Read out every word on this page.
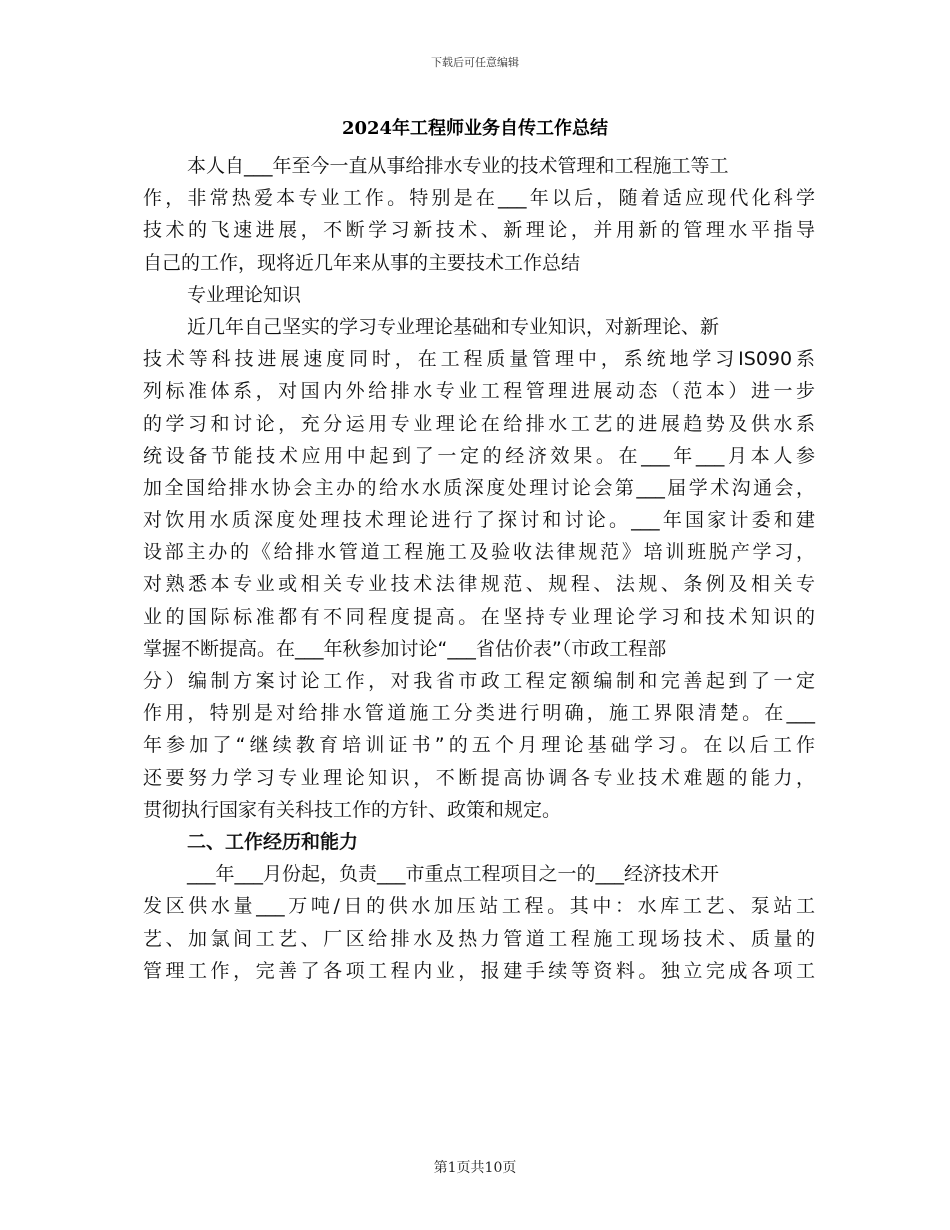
下载后可任意编辑
2024年工程师业务自传工作总结
本人自___年至今一直从事给排水专业的技术管理和工程施工等工
作，非常热爱本专业工作。特别是在___年以后，随着适应现代化科学
技术的飞速进展，不断学习新技术、新理论，并用新的管理水平指导
自己的工作，现将近几年来从事的主要技术工作总结
专业理论知识
近几年自己坚实的学习专业理论基础和专业知识，对新理论、新
技术等科技进展速度同时，在工程质量管理中，系统地学习IS090系
列标准体系，对国内外给排水专业工程管理进展动态（范本）进一步
的学习和讨论，充分运用专业理论在给排水工艺的进展趋势及供水系
统设备节能技术应用中起到了一定的经济效果。在___年___月本人参
加全国给排水协会主办的给水水质深度处理讨论会第___届学术沟通会，
对饮用水质深度处理技术理论进行了探讨和讨论。___年国家计委和建
设部主办的《给排水管道工程施工及验收法律规范》培训班脱产学习，
对熟悉本专业或相关专业技术法律规范、规程、法规、条例及相关专
业的国际标准都有不同程度提高。在坚持专业理论学习和技术知识的
掌握不断提高。在___年秋参加讨论“___省估价表”（市政工程部
分）编制方案讨论工作，对我省市政工程定额编制和完善起到了一定
作用，特别是对给排水管道施工分类进行明确，施工界限清楚。在___
年参加了“继续教育培训证书”的五个月理论基础学习。在以后工作
还要努力学习专业理论知识，不断提高协调各专业技术难题的能力，
贯彻执行国家有关科技工作的方针、政策和规定。
二、工作经历和能力
___年___月份起，负责___市重点工程项目之一的___经济技术开
发区供水量___万吨/日的供水加压站工程。其中：水库工艺、泵站工
艺、加氯间工艺、厂区给排水及热力管道工程施工现场技术、质量的
管理工作，完善了各项工程内业，报建手续等资料。独立完成各项工
第1页共10页
